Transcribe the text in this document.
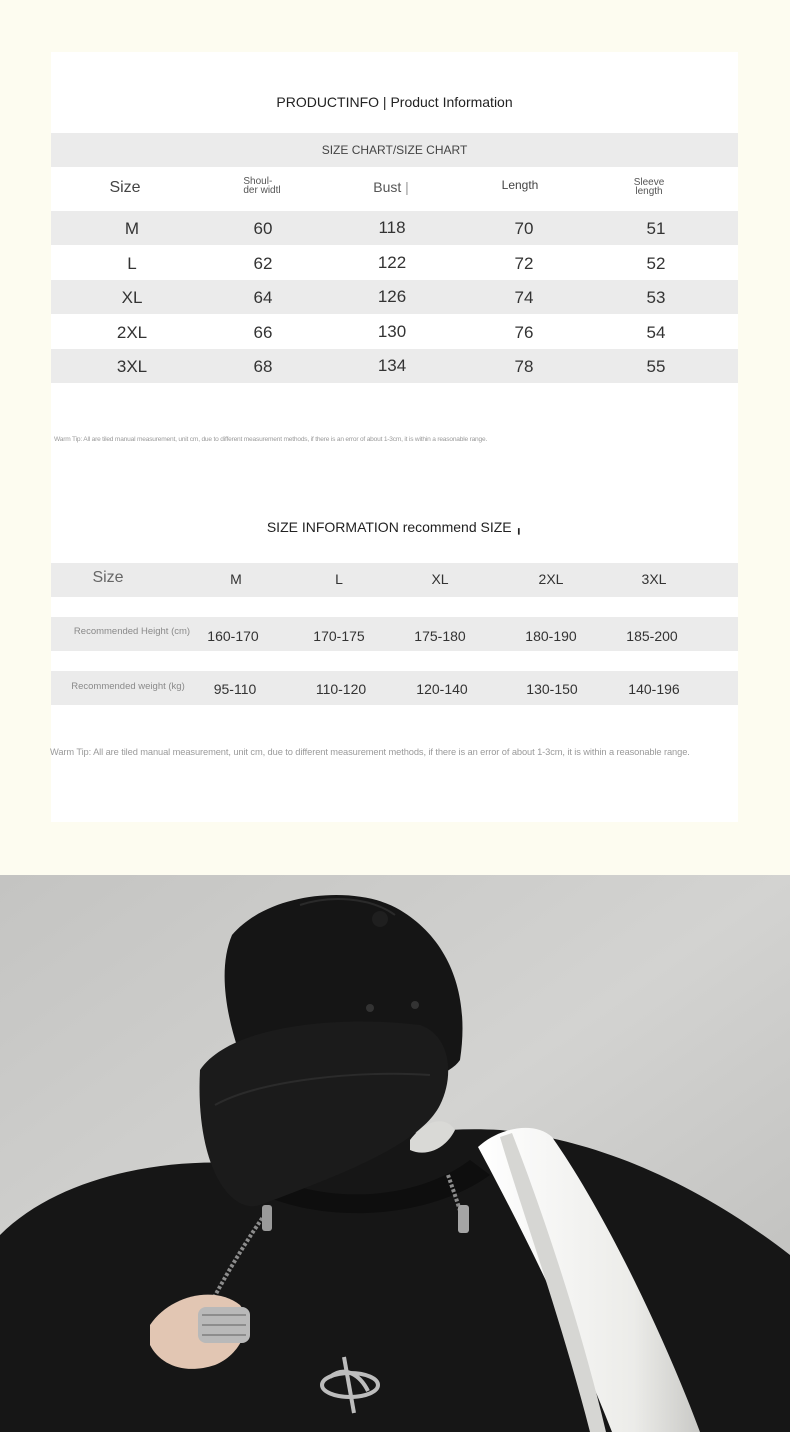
PRODUCTINFO | Product Information
SIZE CHART/SIZE CHART
Size	Shoul-
der widtl	Bust |	Length	Sleeve
length
M	60	118	70	51
L	62	122	72	52
XL	64	126	74	53
2XL	66	130	76	54
3XL	68	134	78	55
Warm Tip: All are tiled manual measurement, unit cm, due to different measurement methods, if there is an error of about 1-3cm, it is within a reasonable range.
SIZE INFORMATION recommend SIZE ╻
Size	M	L	XL	2XL	3XL
Recommended Height (cm) 160-170	170-175	175-180	180-190	185-200
Recommended weight (kg) 95-110	110-120	120-140	130-150	140-196
Warm Tip: All are tiled manual measurement, unit cm, due to different measurement methods, if there is an error of about 1-3cm, it is within a reasonable range.
